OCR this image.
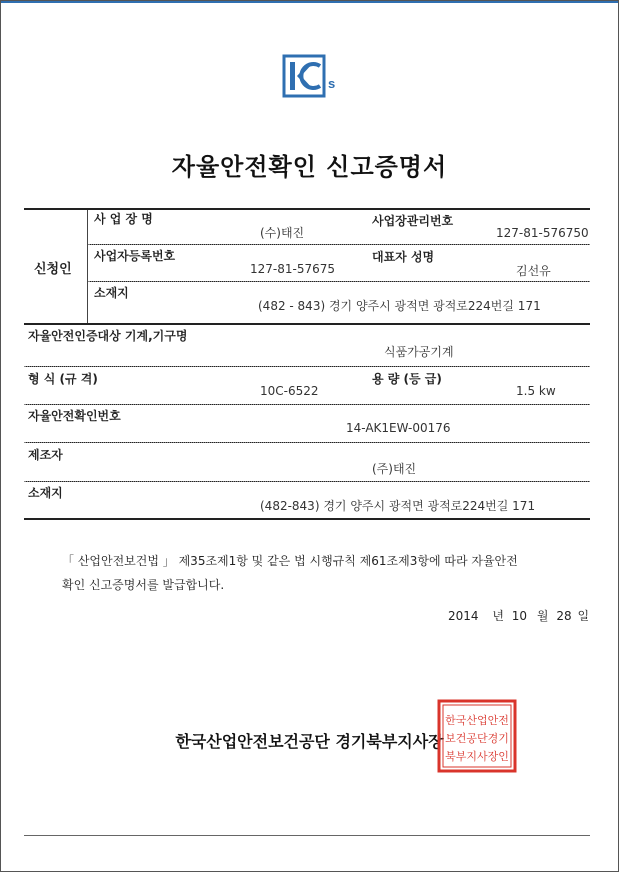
s
자율안전확인 신고증명서
신청인
사 업 장 명
(수)태진
사업장관리번호
127-81-576750
사업자등록번호
127-81-57675
대표자 성명
김선유
소재지
(482 - 843) 경기 양주시 광적면 광적로224번길 171
자율안전인증대상 기계,기구명
식품가공기계
형 식 (규 격)
10C-6522
용 량 (등 급)
1.5 kw
자율안전확인번호
14-AK1EW-00176
제조자
(주)태진
소재지
(482-843) 경기 양주시 광적면 광적로224번길 171
「 산업안전보건법 」 제35조제1항 및 같은 법 시행규칙 제61조제3항에 따라 자율안전
확인 신고증명서를 발급합니다.
2014 년 10 월 28 일
한국산업안전보건공단 경기북부지사장
한국산업안전
보건공단경기
북부지사장인
